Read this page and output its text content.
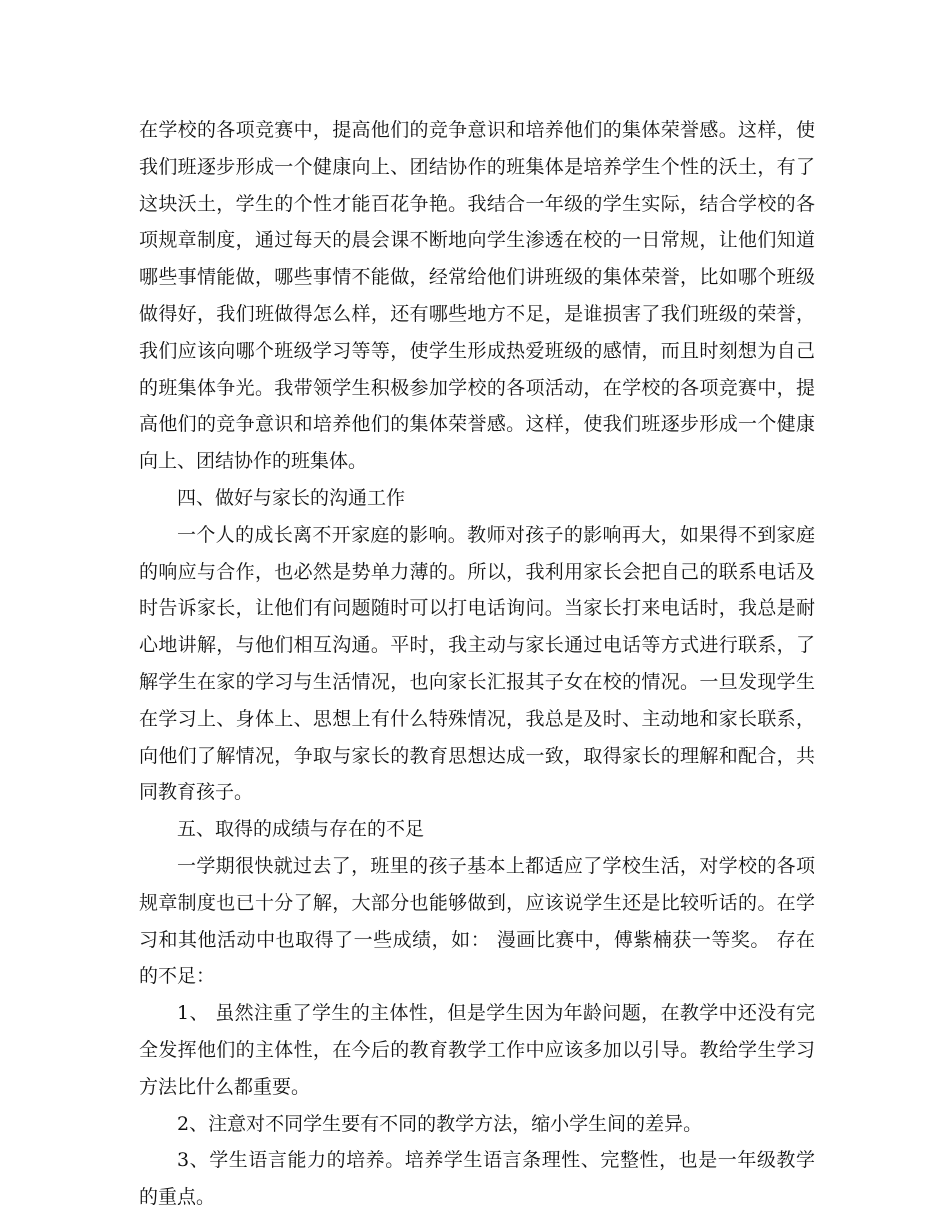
在学校的各项竞赛中，提高他们的竞争意识和培养他们的集体荣誉感。这样，使我们班逐步形成一个健康向上、团结协作的班集体是培养学生个性的沃土，有了这块沃土，学生的个性才能百花争艳。我结合一年级的学生实际，结合学校的各项规章制度，通过每天的晨会课不断地向学生渗透在校的一日常规，让他们知道哪些事情能做，哪些事情不能做，经常给他们讲班级的集体荣誉，比如哪个班级做得好，我们班做得怎么样，还有哪些地方不足，是谁损害了我们班级的荣誉，我们应该向哪个班级学习等等，使学生形成热爱班级的感情，而且时刻想为自己的班集体争光。我带领学生积极参加学校的各项活动，在学校的各项竞赛中，提高他们的竞争意识和培养他们的集体荣誉感。这样，使我们班逐步形成一个健康向上、团结协作的班集体。

四、做好与家长的沟通工作

一个人的成长离不开家庭的影响。教师对孩子的影响再大，如果得不到家庭的响应与合作，也必然是势单力薄的。所以，我利用家长会把自己的联系电话及时告诉家长，让他们有问题随时可以打电话询问。当家长打来电话时，我总是耐心地讲解，与他们相互沟通。平时，我主动与家长通过电话等方式进行联系，了解学生在家的学习与生活情况，也向家长汇报其子女在校的情况。一旦发现学生在学习上、身体上、思想上有什么特殊情况，我总是及时、主动地和家长联系，向他们了解情况，争取与家长的教育思想达成一致，取得家长的理解和配合，共同教育孩子。

五、取得的成绩与存在的不足

一学期很快就过去了，班里的孩子基本上都适应了学校生活，对学校的各项规章制度也已十分了解，大部分也能够做到，应该说学生还是比较听话的。在学习和其他活动中也取得了一些成绩，如： 漫画比赛中，傅紫楠获一等奖。 存在的不足：

1、 虽然注重了学生的主体性，但是学生因为年龄问题，在教学中还没有完全发挥他们的主体性，在今后的教育教学工作中应该多加以引导。教给学生学习方法比什么都重要。

2、注意对不同学生要有不同的教学方法，缩小学生间的差异。

3、学生语言能力的培养。培养学生语言条理性、完整性，也是一年级教学的重点。
